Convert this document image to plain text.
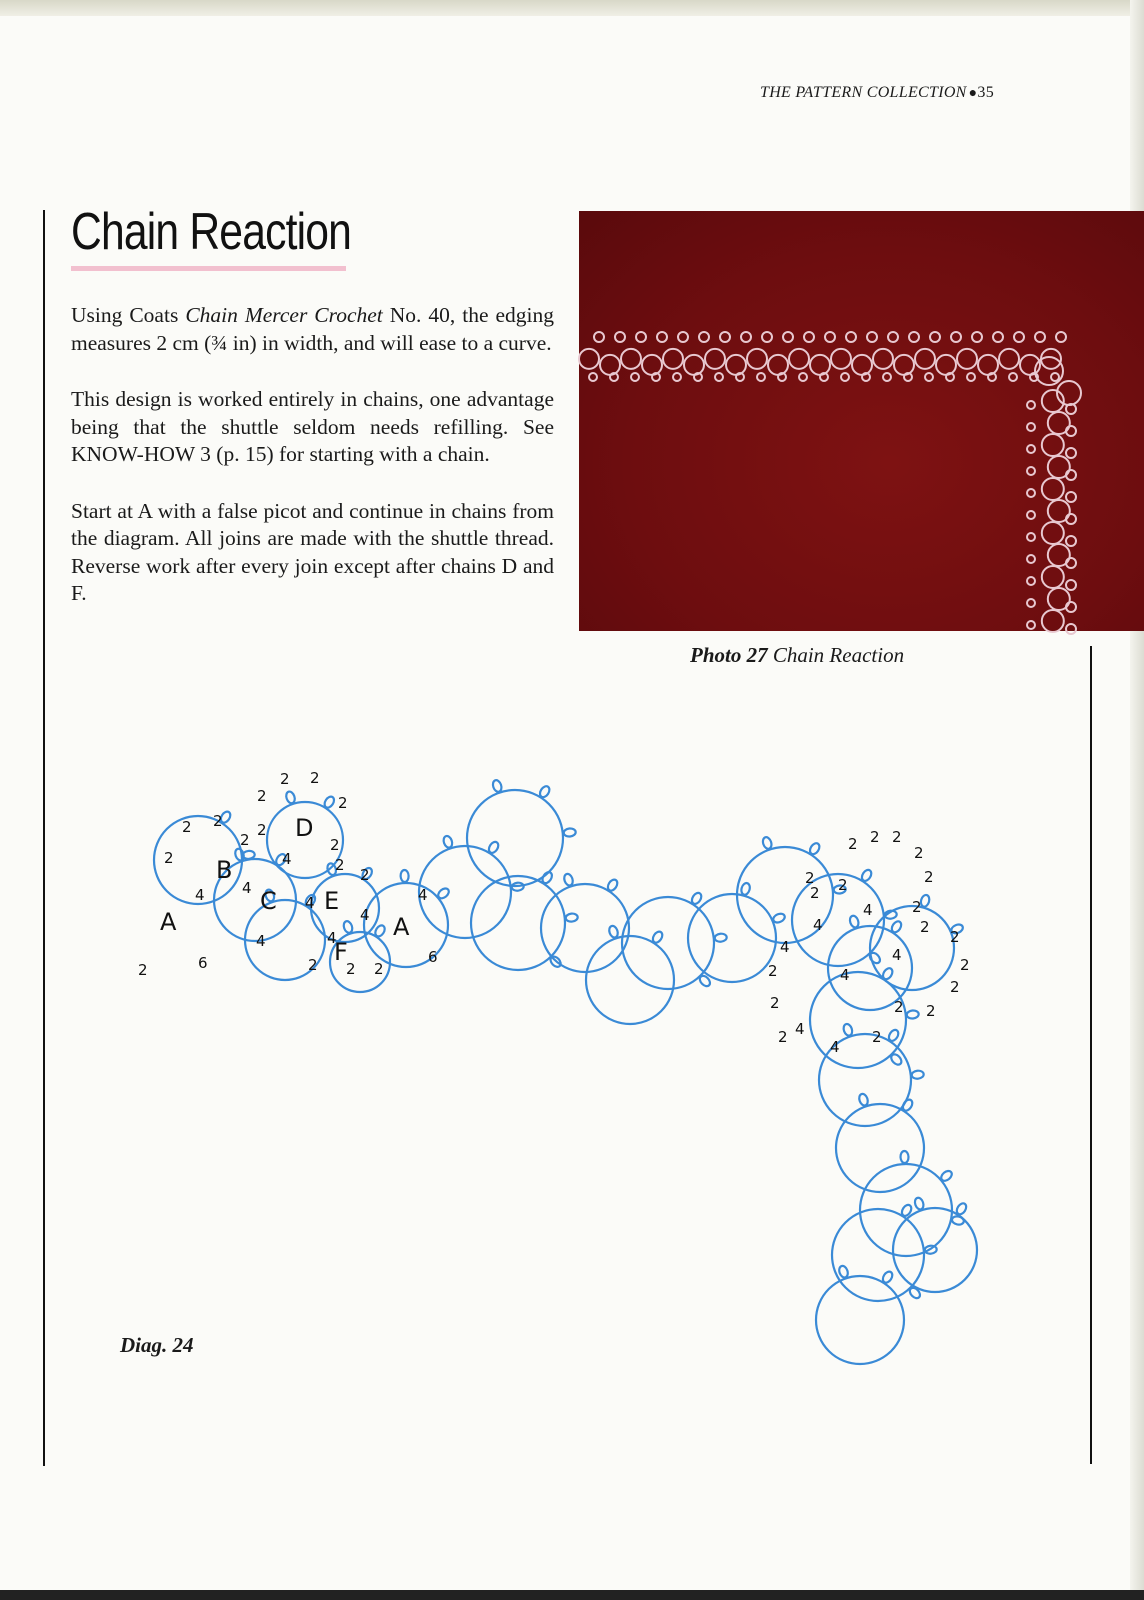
THE PATTERN COLLECTION ●35
Chain Reaction

Using Coats Chain Mercer Crochet No. 40, the edging measures 2 cm (¾ in) in width, and will ease to a curve.

This design is worked entirely in chains, one advantage being that the shuttle seldom needs refilling. See KNOW-HOW 3 (p. 15) for starting with a chain.

Start at A with a false picot and continue in chains from the diagram. All joins are made with the shuttle thread. Reverse work after every join except after chains D and F.

Photo 27 Chain Reaction
A
B
C
D
E
F
A
2	6
4
2
2 2
2
4
2
2
2 2
2
4
2
2
2
4
4
4
4
2 2 2
4
6
2
2 2
4
4
2 2 2
2
2
2
4
2
2
2
2
2
2
4
4
2
2
2 4
4
2
Diag. 24
